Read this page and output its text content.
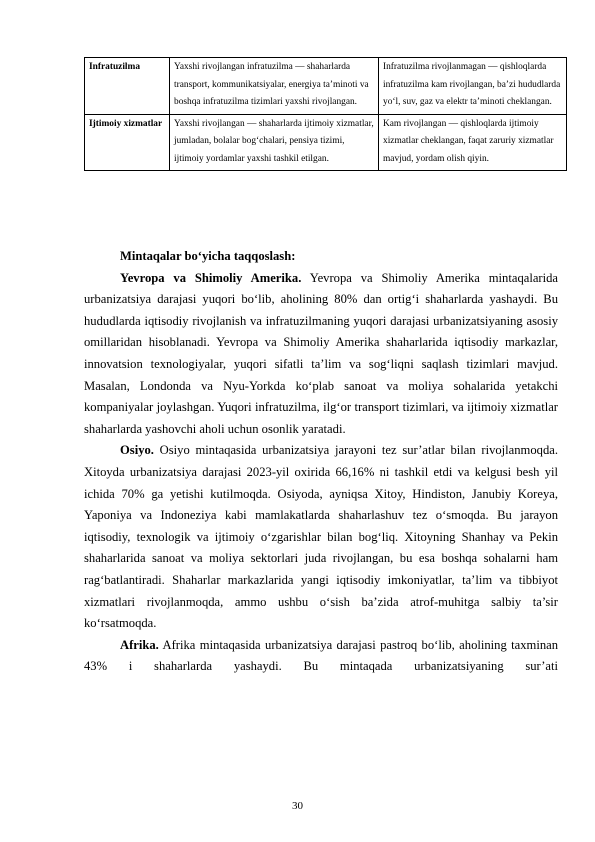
Infratuzilma	Yaxshi rivojlangan infratuzilma — shaharlarda transport, kommunikatsiyalar, energiya ta’minoti va boshqa infratuzilma tizimlari yaxshi rivojlangan.	Infratuzilma rivojlanmagan — qishloqlarda infratuzilma kam rivojlangan, ba’zi hududlarda yo‘l, suv, gaz va elektr ta’minoti cheklangan.
Ijtimoiy xizmatlar	Yaxshi rivojlangan — shaharlarda ijtimoiy xizmatlar, jumladan, bolalar bog‘chalari, pensiya tizimi, ijtimoiy yordamlar yaxshi tashkil etilgan.	Kam rivojlangan — qishloqlarda ijtimoiy xizmatlar cheklangan, faqat zaruriy xizmatlar mavjud, yordam olish qiyin.

Mintaqalar bo‘yicha taqqoslash:

Yevropa va Shimoliy Amerika. Yevropa va Shimoliy Amerika mintaqalarida urbanizatsiya darajasi yuqori bo‘lib, aholining 80% dan ortig‘i shaharlarda yashaydi. Bu hududlarda iqtisodiy rivojlanish va infratuzilmaning yuqori darajasi urbanizatsiyaning asosiy omillaridan hisoblanadi. Yevropa va Shimoliy Amerika shaharlarida iqtisodiy markazlar, innovatsion texnologiyalar, yuqori sifatli ta’lim va sog‘liqni saqlash tizimlari mavjud. Masalan, Londonda va Nyu-Yorkda ko‘plab sanoat va moliya sohalarida yetakchi kompaniyalar joylashgan. Yuqori infratuzilma, ilg‘or transport tizimlari, va ijtimoiy xizmatlar shaharlarda yashovchi aholi uchun osonlik yaratadi.

Osiyo. Osiyo mintaqasida urbanizatsiya jarayoni tez sur’atlar bilan rivojlanmoqda. Xitoyda urbanizatsiya darajasi 2023-yil oxirida 66,16% ni tashkil etdi va kelgusi besh yil ichida 70% ga yetishi kutilmoqda. Osiyoda, ayniqsa Xitoy, Hindiston, Janubiy Koreya, Yaponiya va Indoneziya kabi mamlakatlarda shaharlashuv tez o‘smoqda. Bu jarayon iqtisodiy, texnologik va ijtimoiy o‘zgarishlar bilan bog‘liq. Xitoyning Shanhay va Pekin shaharlarida sanoat va moliya sektorlari juda rivojlangan, bu esa boshqa sohalarni ham rag‘batlantiradi. Shaharlar markazlarida yangi iqtisodiy imkoniyatlar, ta’lim va tibbiyot xizmatlari rivojlanmoqda, ammo ushbu o‘sish ba’zida atrof-muhitga salbiy ta’sir ko‘rsatmoqda.

Afrika. Afrika mintaqasida urbanizatsiya darajasi pastroq bo‘lib, aholining taxminan 43% i shaharlarda yashaydi. Bu mintaqada urbanizatsiyaning sur’ati

30
